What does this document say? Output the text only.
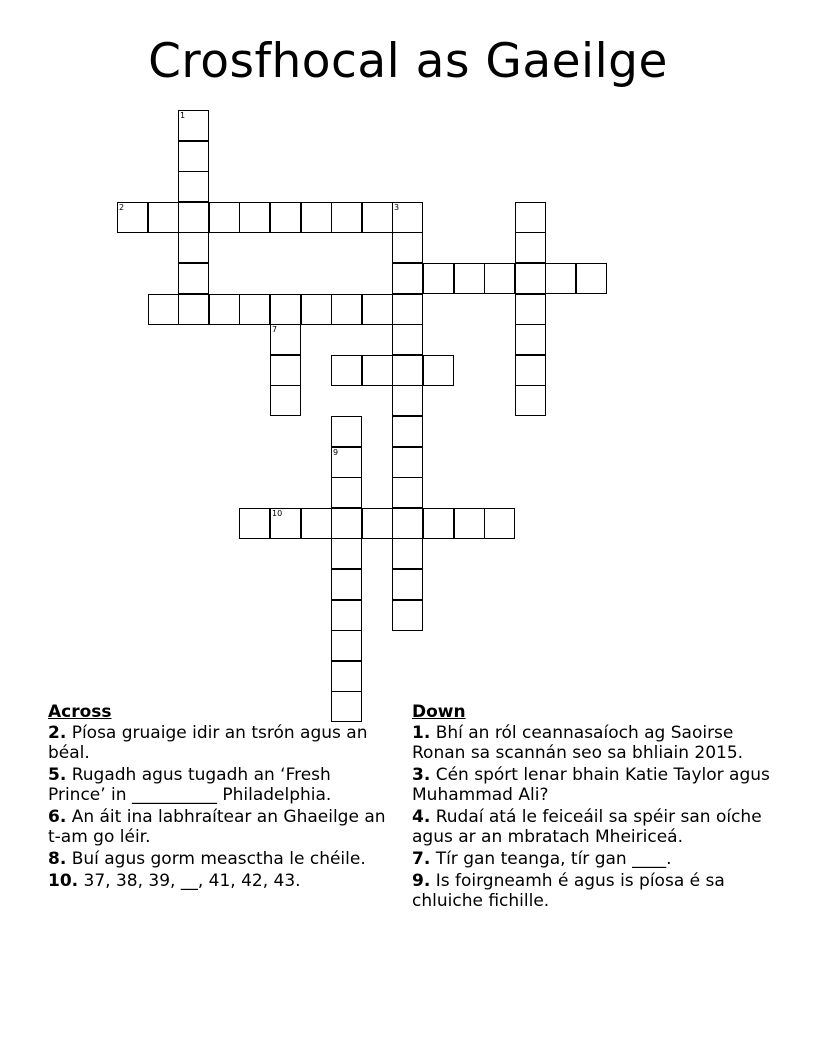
Crosfhocal as Gaeilge
1
2	3
7
10
9
Across
2. Píosa gruaige idir an tsrón agus an béal.
5. Rugadh agus tugadh an ‘Fresh Prince’ in __________ Philadelphia.
6. An áit ina labhraítear an Ghaeilge an t-am go léir.
8. Buí agus gorm measctha le chéile.
10. 37, 38, 39, __, 41, 42, 43.
Down
1. Bhí an ról ceannasaíoch ag Saoirse Ronan sa scannán seo sa bhliain 2015.
3. Cén spórt lenar bhain Katie Taylor agus Muhammad Ali?
4. Rudaí atá le feiceáil sa spéir san oíche agus ar an mbratach Mheiriceá.
7. Tír gan teanga, tír gan ____.
9. Is foirgneamh é agus is píosa é sa chluiche fichille.
